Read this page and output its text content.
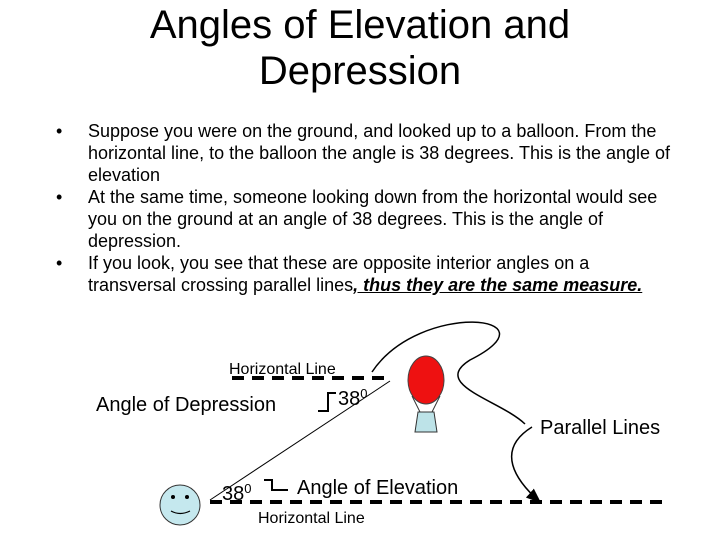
Angles of Elevation and
Depression
• Suppose you were on the ground, and looked up to a balloon. From the horizontal line, to the balloon the angle is 38 degrees. This is the angle of elevation
• At the same time, someone looking down from the horizontal would see you on the ground at an angle of 38 degrees. This is the angle of depression.
• If you look, you see that these are opposite interior angles on a transversal crossing parallel lines, thus they are the same measure.
Horizontal Line
Horizontal Line
Angle of Depression	$38^0$
$38^0$ Angle of Elevation
Parallel Lines
